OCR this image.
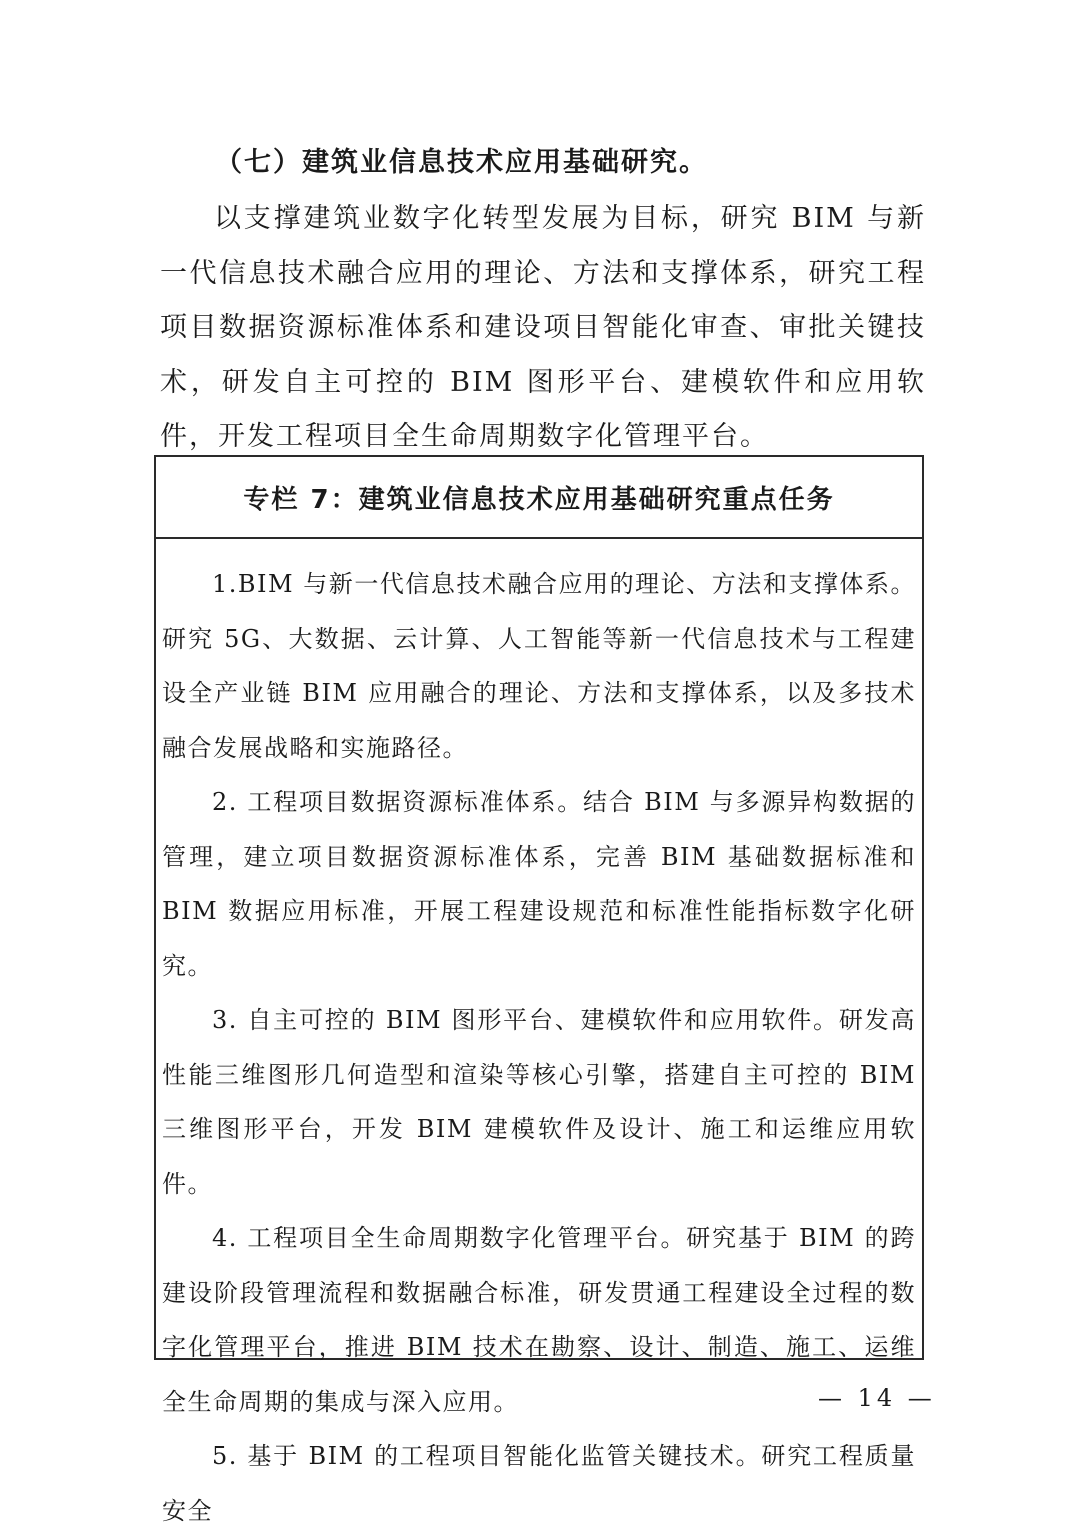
（七）建筑业信息技术应用基础研究。

以支撑建筑业数字化转型发展为目标，研究 BIM 与新一代信息技术融合应用的理论、方法和支撑体系，研究工程项目数据资源标准体系和建设项目智能化审查、审批关键技术，研发自主可控的 BIM 图形平台、建模软件和应用软件，开发工程项目全生命周期数字化管理平台。

专栏 7：建筑业信息技术应用基础研究重点任务

1.BIM 与新一代信息技术融合应用的理论、方法和支撑体系。研究 5G、大数据、云计算、人工智能等新一代信息技术与工程建设全产业链 BIM 应用融合的理论、方法和支撑体系，以及多技术融合发展战略和实施路径。

2. 工程项目数据资源标准体系。结合 BIM 与多源异构数据的管理，建立项目数据资源标准体系，完善 BIM 基础数据标准和 BIM 数据应用标准，开展工程建设规范和标准性能指标数字化研究。

3. 自主可控的 BIM 图形平台、建模软件和应用软件。研发高性能三维图形几何造型和渲染等核心引擎，搭建自主可控的 BIM 三维图形平台，开发 BIM 建模软件及设计、施工和运维应用软件。

4. 工程项目全生命周期数字化管理平台。研究基于 BIM 的跨建设阶段管理流程和数据融合标准，研发贯通工程建设全过程的数字化管理平台，推进 BIM 技术在勘察、设计、制造、施工、运维全生命周期的集成与深入应用。

5. 基于 BIM 的工程项目智能化监管关键技术。研究工程质量安全

— 14 —
